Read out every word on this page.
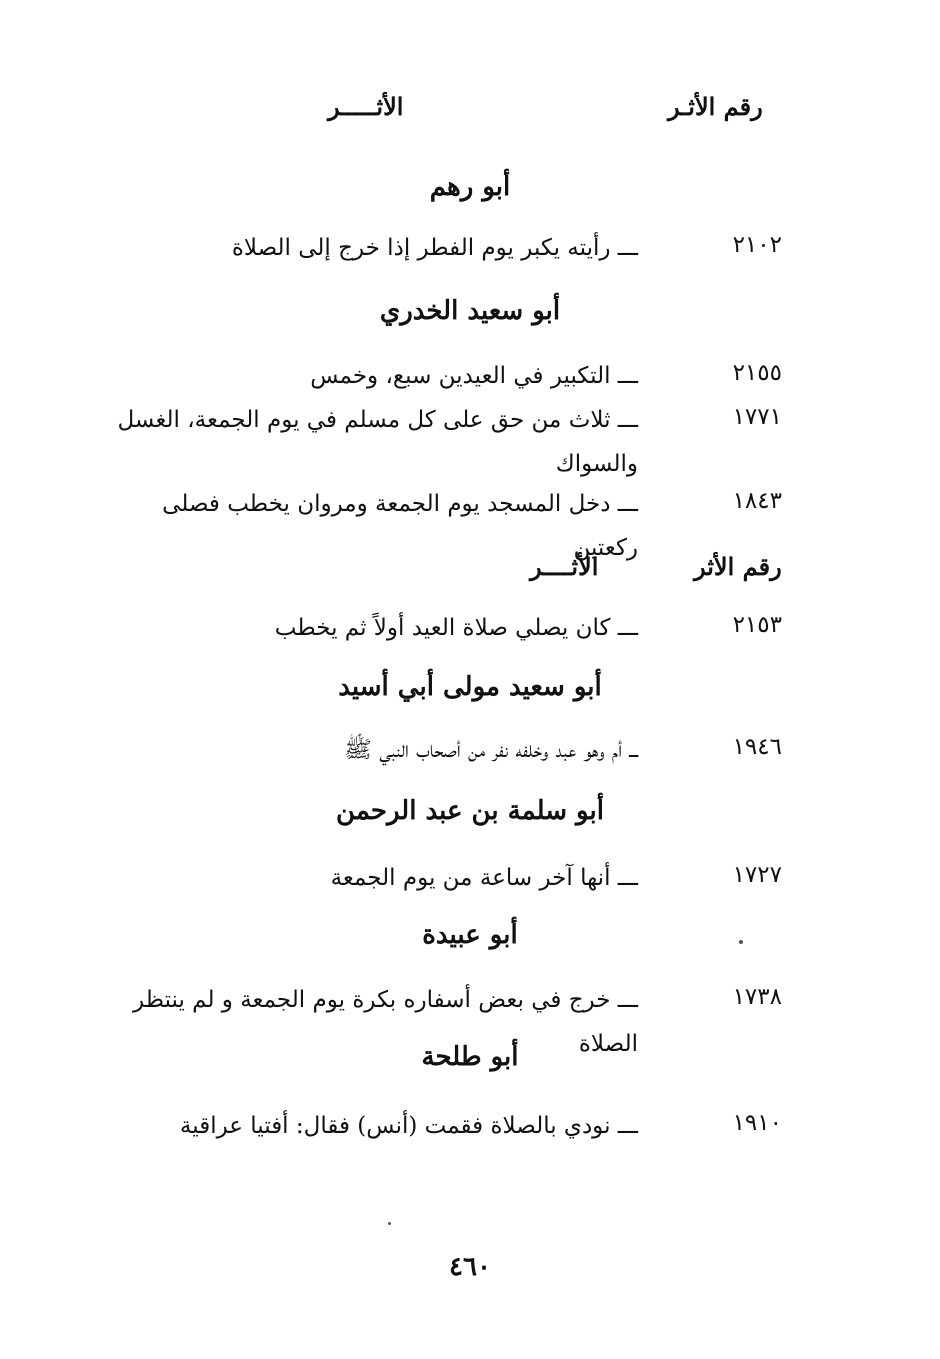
رقم الأثـر
الأثـــــر
أبو رهم
٢١٠٢
ـــ رأيته يكبر يوم الفطر إذا خرج إلى الصلاة
أبو سعيد الخدري
٢١٥٥
ـــ التكبير في العيدين سبع، وخمس
١٧٧١
ـــ ثلاث من حق على كل مسلم في يوم الجمعة، الغسل والسواك
١٨٤٣
ـــ دخل المسجد يوم الجمعة ومروان يخطب فصلى ركعتين
رقم الأثر
الأثــــر
٢١٥٣
ـــ كان يصلي صلاة العيد أولاً ثم يخطب
أبو سعيد مولى أبي أسيد
١٩٤٦
ـــ أم وهو عبد وخلفه نفر من أصحاب النبي ﷺ
أبو سلمة بن عبد الرحمن
١٧٢٧
ـــ أنها آخر ساعة من يوم الجمعة
أبو عبيدة
١٧٣٨
ـــ خرج في بعض أسفاره بكرة يوم الجمعة و لم ينتظر الصلاة
أبو طلحة
١٩١٠
ـــ نودي بالصلاة فقمت (أنس) فقال: أفتيا عراقية
٤٦٠
